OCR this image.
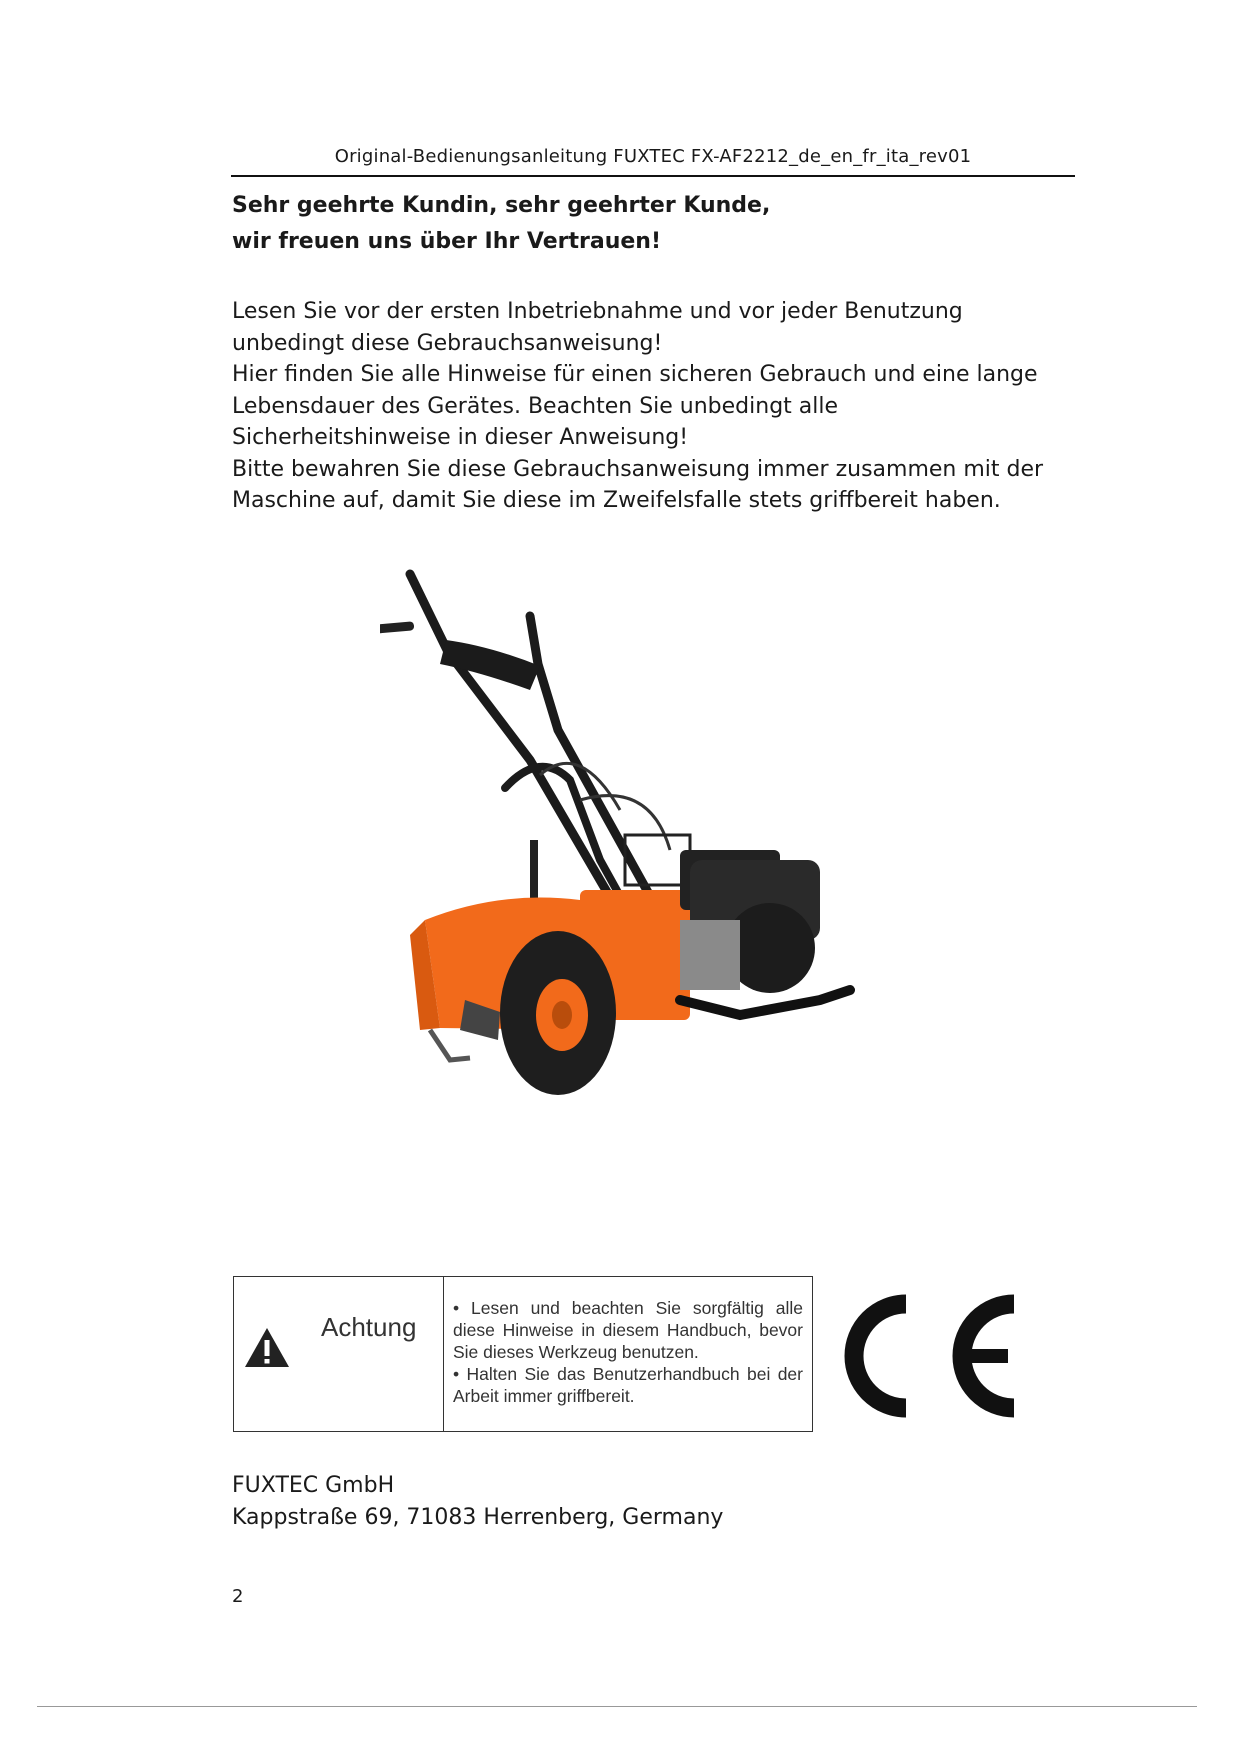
Original-Bedienungsanleitung FUXTEC FX-AF2212_de_en_fr_ita_rev01
Sehr geehrte Kundin, sehr geehrter Kunde,
wir freuen uns über Ihr Vertrauen!

Lesen Sie vor der ersten Inbetriebnahme und vor jeder Benutzung unbedingt diese Gebrauchsanweisung!

Hier finden Sie alle Hinweise für einen sicheren Gebrauch und eine lange Lebensdauer des Gerätes. Beachten Sie unbedingt alle Sicherheitshinweise in dieser Anweisung!

Bitte bewahren Sie diese Gebrauchsanweisung immer zusammen mit der Maschine auf, damit Sie diese im Zweifelsfalle stets griffbereit haben.

Achtung

• Lesen und beachten Sie sorgfältig alle diese Hinweise in diesem Handbuch, bevor Sie dieses Werkzeug benutzen.

• Halten Sie das Benutzerhandbuch bei der Arbeit immer griffbereit.

FUXTEC GmbH
Kappstraße 69, 71083 Herrenberg, Germany
2
